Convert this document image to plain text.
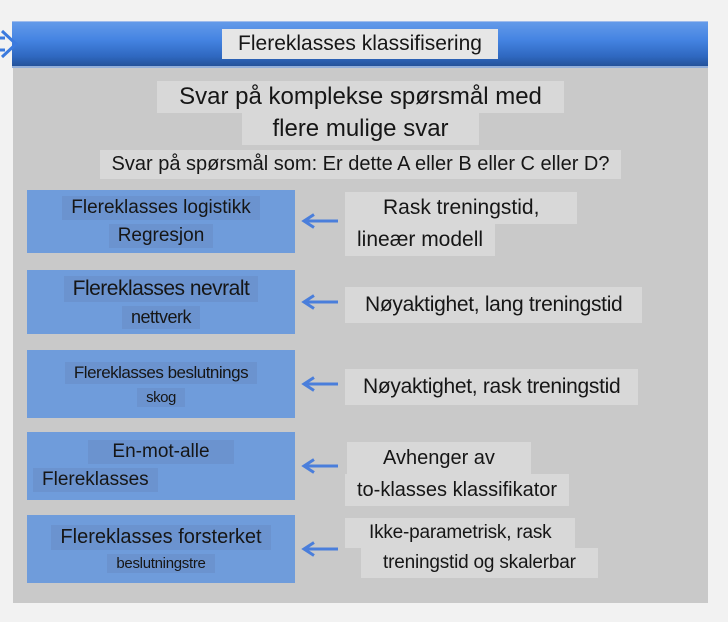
Flereklasses klassifisering
Svar på komplekse spørsmål med
flere mulige svar
Svar på spørsmål som: Er dette A eller B eller C eller D?
Flereklasses logistikk
Regresjon
Rask treningstid,
lineær modell
Flereklasses nevralt
nettverk
Nøyaktighet, lang treningstid
Flereklasses beslutnings
skog	Nøyaktighet, rask treningstid
En-mot-alle
Flereklasses
Avhenger av
to-klasses klassifikator
Flereklasses forsterket
beslutningstre
Ikke-parametrisk, rask
treningstid og skalerbar
